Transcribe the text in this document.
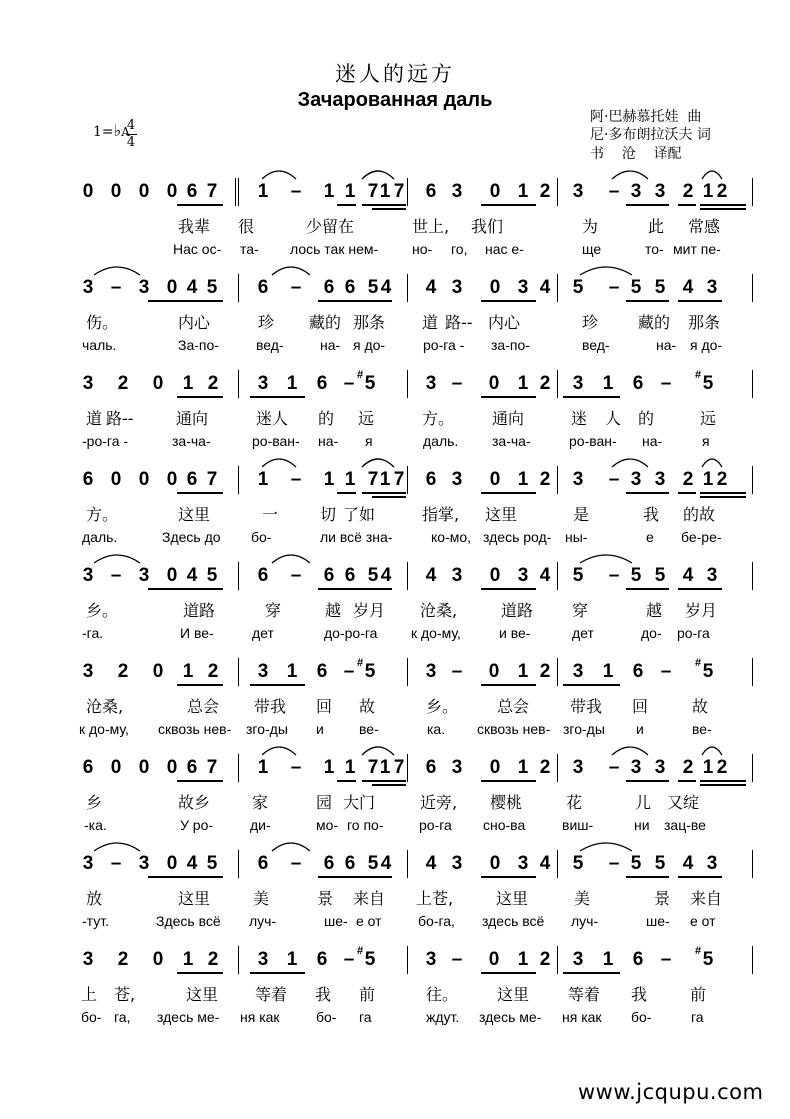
迷人的远方
Зачарованная даль
阿·巴赫慕托娃  曲
尼·多布朗拉沃夫 词
书    沧    译配
1=♭A
4
4
0 0 0 0 6 7 1 – 1 1 7 1 7 6 3 0 1 2 3 – 3 3 2 1 2
我辈 很	少留在	世上, 我们	为	此 常感
Нас ос- та- лось так нем- но- го, нас е-	ще	то- мит пе-
3 – 3 0 4 5 6 – 6 6 5 4 4 3 0 3 4 5 – 5 5 4 3
伤。	内心	珍 藏的 那条 道 路-- 内心	珍 藏的 那条
чаль.	За-по-	вед-	на- я до-	ро-га - за-по-	вед-	на- я до-
3 2 0 1 2 3 1 6 – 5
#	3 – 0 1 2 3 1 6 – 5
#
道 路--	通向	迷人 的 远	方。 通向	迷 人 的	远
-ро-га -	за-ча-	ро-ван- на- я	даль. за-ча-	ро-ван- на-	я
6 0 0 0 6 7 1 – 1 1 7 1 7 6 3 0 1 2 3 – 3 3 2 1 2
方。	这里	一	切 了如	指掌, 这里	是	我 的故
даль.	Здесь до бо-	ли всё зна-	ко-мо, здесь род- ны-	е бе-ре-
3 – 3 0 4 5 6 – 6 6 5 4 4 3 0 3 4 5 – 5 5 4 3
乡。	道路	穿	越 岁月 沧桑,	道路 穿	越 岁月
-га.	И ве-	дет	до-ро-га к до-му,	и ве-	дет	до- ро-га
3 2 0 1 2 3 1 6 – 5
#	3 – 0 1 2 3 1 6 – 5
#
沧桑,	总会 带我 回 故	乡。 总会	带我 回	故
к до-му, сквозь нев- зго-ды и	ве-	ка. сквозь нев- зго-ды и	ве-
6 0 0 0 6 7 1 – 1 1 7 1 7 6 3 0 1 2 3 – 3 3 2 1 2
乡	故乡	家	园 大门	近旁, 樱桃	花	儿 又绽
-ка.	У ро-	ди-	мо- го по-	ро-га сно-ва	виш-	ни зац-ве
3 – 3 0 4 5 6 – 6 6 5 4 4 3 0 3 4 5 – 5 5 4 3
放	这里	美	景 来自 上苍,	这里	美	景 来自
-тут.	Здесь всё луч-	ше- е от	бо-га, здесь всё луч-	ше- е от
3 2 0 1 2 3 1 6 – 5
#	3 – 0 1 2 3 1 6 – 5
#
上 苍,	这里 等着 我 前	往。 这里 等着 我	前
бо- га, здесь ме- ня как	бо- га	ждут. здесь ме- ня как бо-	га
www.jcqupu.com
